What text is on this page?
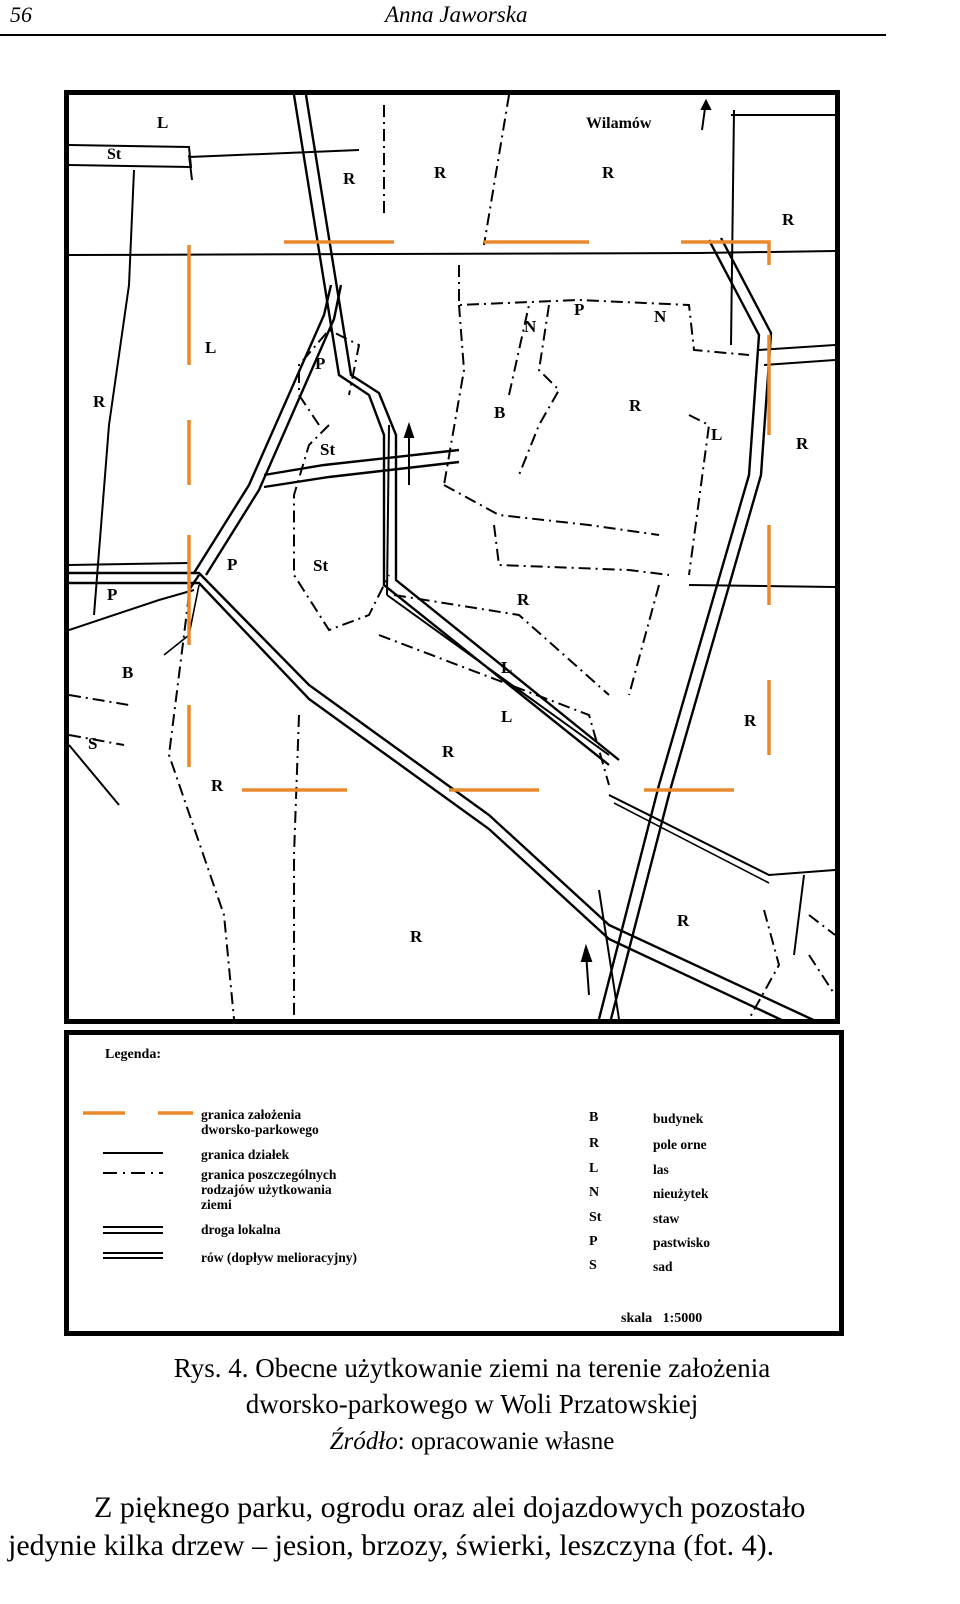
56	Anna Jaworska
Wilamów
L
St
R	R	R
R
L
P
R
St
B
N
P	N
R
L	R
P
St
P
R
B	L
L
S	R
R
R
R
R
Legenda:
granica założenia
dworsko-parkowego
granica działek
granica poszczególnych
rodzajów użytkowania
ziemi
droga lokalna
rów (dopływ melioracyjny)
B	budynek
R	pole orne
L	las
N	nieużytek
St	staw
P	pastwisko
S	sad
skala   1:5000
Rys. 4. Obecne użytkowanie ziemi na terenie założenia
dworsko-parkowego w Woli Przatowskiej
Źródło: opracowanie własne
Z pięknego parku, ogrodu oraz alei dojazdowych pozostało
jedynie kilka drzew – jesion, brzozy, świerki, leszczyna (fot. 4).
